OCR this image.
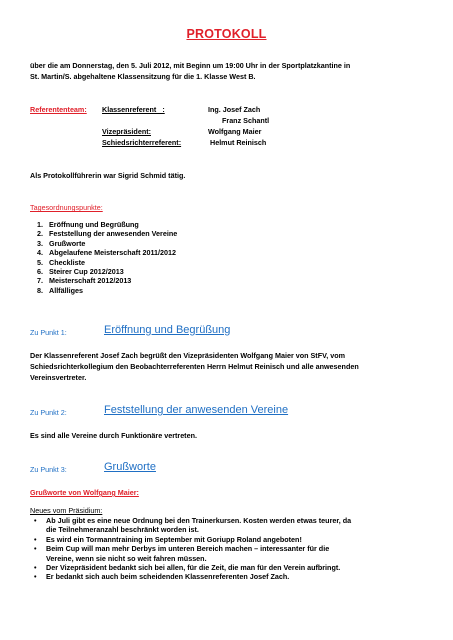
PROTOKOLL
über die am Donnerstag, den 5. Juli 2012, mit Beginn um 19:00 Uhr in der Sportplatzkantine in
St. Martin/S. abgehaltene Klassensitzung für die 1. Klasse West B.
Referententeam: Klassenreferent   :	Ing. Josef Zach
Franz Schantl
Vizepräsident:	Wolfgang Maier
Schiedsrichterreferent:	Helmut Reinisch
Als Protokollführerin war Sigrid Schmid tätig.
Tagesordnungspunkte:
1. Eröffnung und Begrüßung
2. Feststellung der anwesenden Vereine
3. Grußworte
4. Abgelaufene Meisterschaft 2011/2012
5. Checkliste
6. Steirer Cup 2012/2013
7. Meisterschaft 2012/2013
8. Allfälliges
Zu Punkt 1:	Eröffnung und Begrüßung
Der Klassenreferent Josef Zach begrüßt den Vizepräsidenten Wolfgang Maier von StFV, vom
Schiedsrichterkollegium den Beobachterreferenten Herrn Helmut Reinisch und alle anwesenden
Vereinsvertreter.
Zu Punkt 2:	Feststellung der anwesenden Vereine
Es sind alle Vereine durch Funktionäre vertreten.
Zu Punkt 3:	Grußworte
Grußworte von Wolfgang Maier:
Neues vom Präsidium:
• Ab Juli gibt es eine neue Ordnung bei den Trainerkursen. Kosten werden etwas teurer, da
die Teilnehmeranzahl beschränkt worden ist.
• Es wird ein Tormanntraining im September mit Goriupp Roland angeboten!
• Beim Cup will man mehr Derbys im unteren Bereich machen – interessanter für die
Vereine, wenn sie nicht so weit fahren müssen.
• Der Vizepräsident bedankt sich bei allen, für die Zeit, die man für den Verein aufbringt.
• Er bedankt sich auch beim scheidenden Klassenreferenten Josef Zach.
